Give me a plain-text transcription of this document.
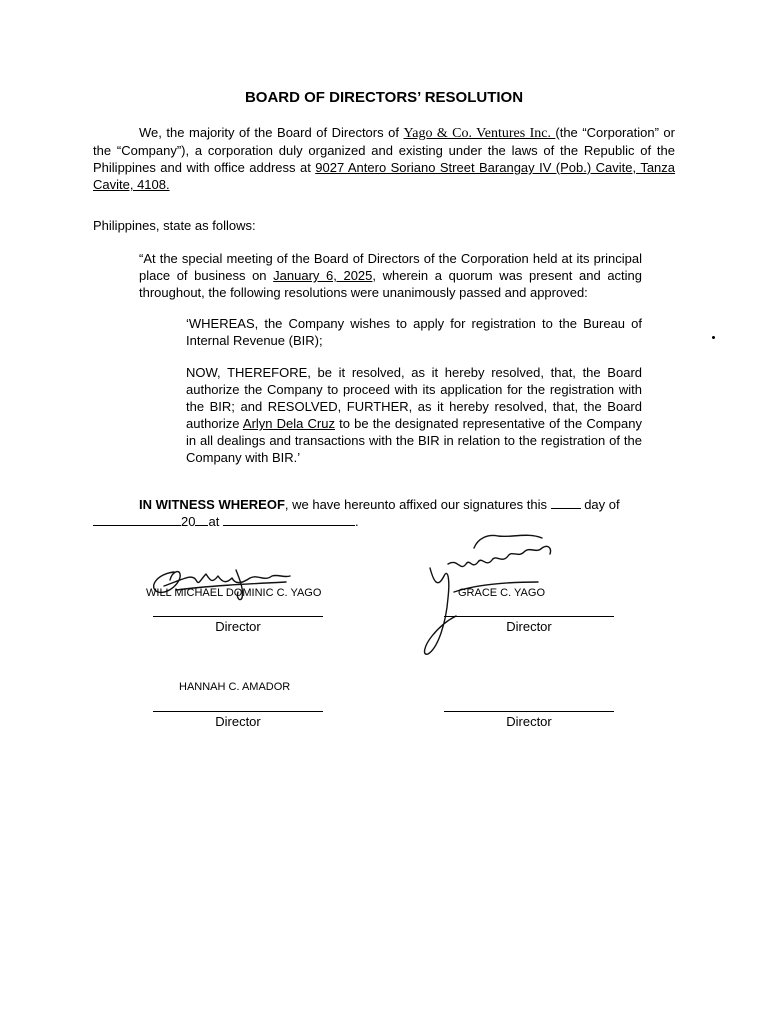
BOARD OF DIRECTORS’ RESOLUTION
We, the majority of the Board of Directors of Yago & Co. Ventures Inc. (the “Corporation” or the “Company”), a corporation duly organized and existing under the laws of the Republic of the Philippines and with office address at 9027 Antero Soriano Street Barangay IV (Pob.) Cavite, Tanza Cavite, 4108.
Philippines, state as follows:
“At the special meeting of the Board of Directors of the Corporation held at its principal place of business on January 6, 2025, wherein a quorum was present and acting throughout, the following resolutions were unanimously passed and approved:
‘WHEREAS, the Company wishes to apply for registration to the Bureau of Internal Revenue (BIR);
NOW, THEREFORE, be it resolved, as it hereby resolved, that, the Board authorize the Company to proceed with its application for the registration with the BIR; and RESOLVED, FURTHER, as it hereby resolved, that, the Board authorize Arlyn Dela Cruz to be the designated representative of the Company in all dealings and transactions with the BIR in relation to the registration of the Company with BIR.’
IN WITNESS WHEREOF, we have hereunto affixed our signatures this  day of
20 at	.
WILL MICHAEL DOMINIC C. YAGO
Director
GRACE C. YAGO
Director
HANNAH C. AMADOR
Director	Director
